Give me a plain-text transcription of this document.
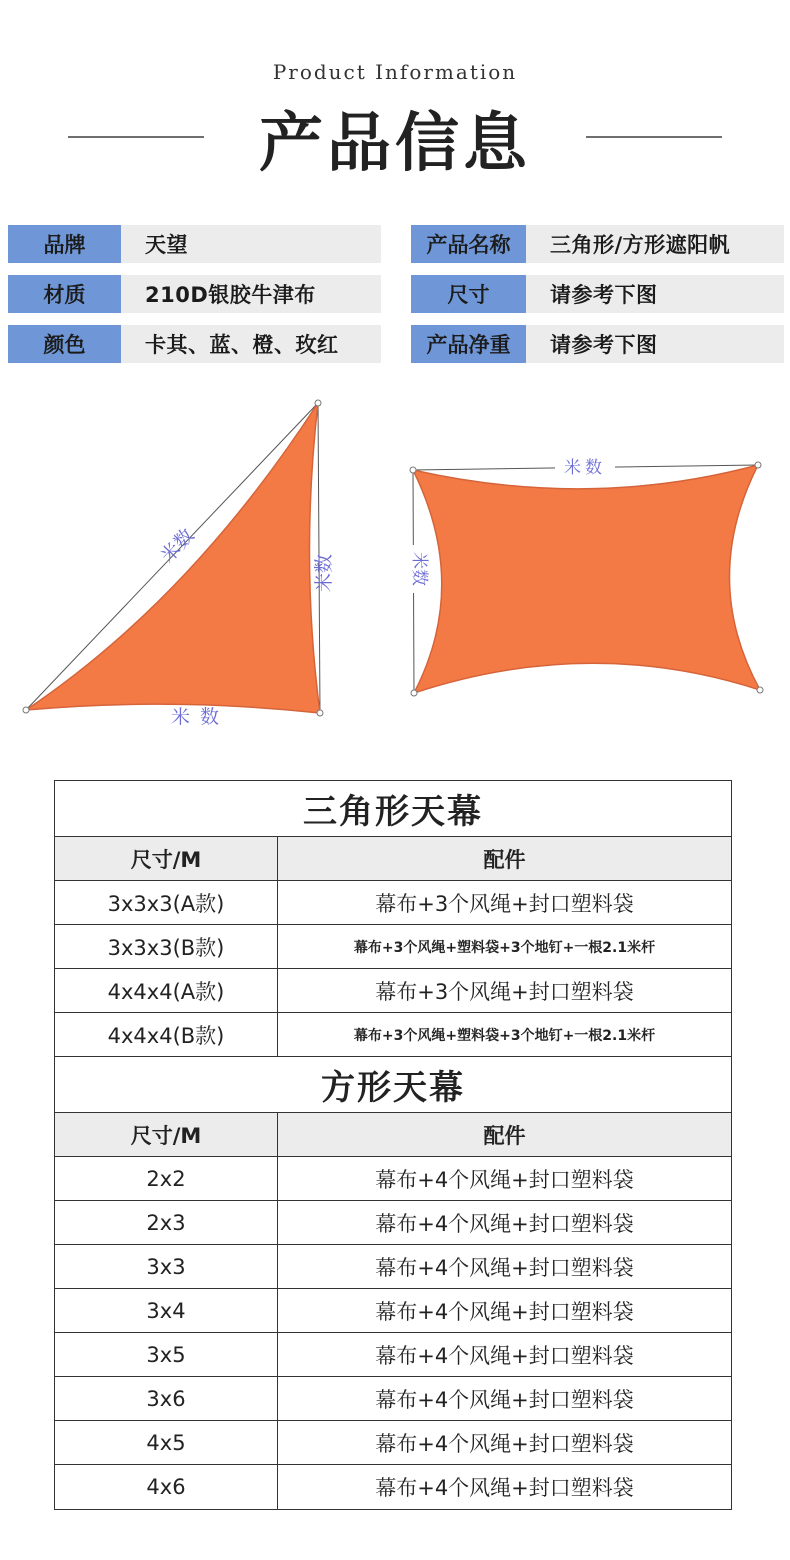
Product Information
产品信息
品牌	天望
材质	210D银胶牛津布
颜色	卡其、蓝、橙、玫红
产品名称	三角形/方形遮阳帆
尺寸	请参考下图
产品净重	请参考下图
米数
米数
米数
米数
米数
三角形天幕
尺寸/M	配件
3x3x3(A款)	幕布+3个风绳+封口塑料袋
3x3x3(B款)	幕布+3个风绳+塑料袋+3个地钉+一根2.1米杆
4x4x4(A款)	幕布+3个风绳+封口塑料袋
4x4x4(B款)	幕布+3个风绳+塑料袋+3个地钉+一根2.1米杆
方形天幕
尺寸/M	配件
2x2	幕布+4个风绳+封口塑料袋
2x3	幕布+4个风绳+封口塑料袋
3x3	幕布+4个风绳+封口塑料袋
3x4	幕布+4个风绳+封口塑料袋
3x5	幕布+4个风绳+封口塑料袋
3x6	幕布+4个风绳+封口塑料袋
4x5	幕布+4个风绳+封口塑料袋
4x6	幕布+4个风绳+封口塑料袋
